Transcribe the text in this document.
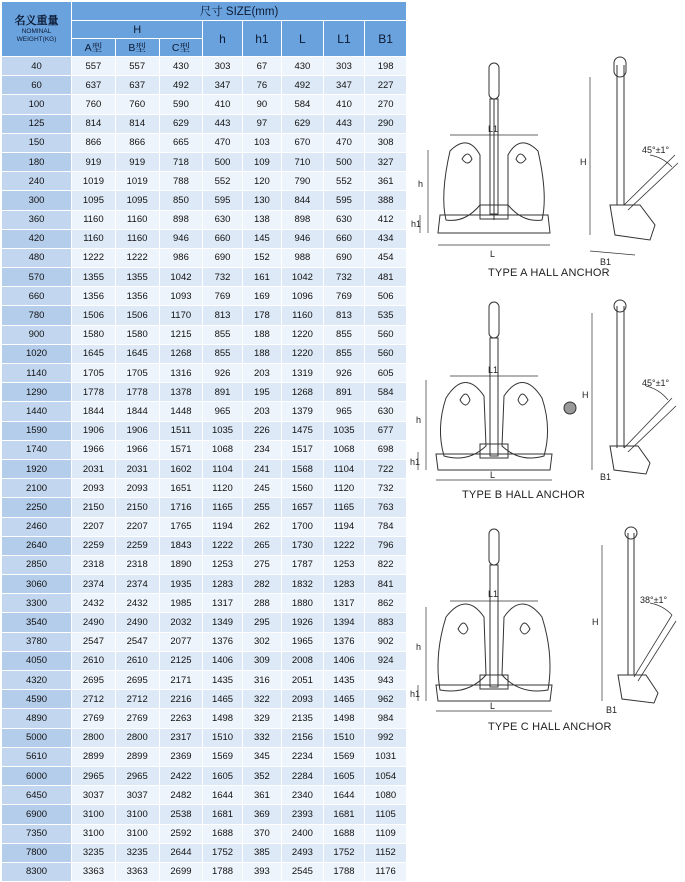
名义重量
NOMINAL
WEIGHT(KG)	尺寸 SIZE(mm)							
	H			h	h1	L	L1	B1
	A型	B型	C型					
40	557	557	430	303	67	430	303	198
60	637	637	492	347	76	492	347	227
100	760	760	590	410	90	584	410	270
125	814	814	629	443	97	629	443	290
150	866	866	665	470	103	670	470	308
180	919	919	718	500	109	710	500	327
240	1019	1019	788	552	120	790	552	361
300	1095	1095	850	595	130	844	595	388
360	1160	1160	898	630	138	898	630	412
420	1160	1160	946	660	145	946	660	434
480	1222	1222	986	690	152	988	690	454
570	1355	1355	1042	732	161	1042	732	481
660	1356	1356	1093	769	169	1096	769	506
780	1506	1506	1170	813	178	1160	813	535
900	1580	1580	1215	855	188	1220	855	560
1020	1645	1645	1268	855	188	1220	855	560
1140	1705	1705	1316	926	203	1319	926	605
1290	1778	1778	1378	891	195	1268	891	584
1440	1844	1844	1448	965	203	1379	965	630
1590	1906	1906	1511	1035	226	1475	1035	677
1740	1966	1966	1571	1068	234	1517	1068	698
1920	2031	2031	1602	1104	241	1568	1104	722
2100	2093	2093	1651	1120	245	1560	1120	732
2250	2150	2150	1716	1165	255	1657	1165	763
2460	2207	2207	1765	1194	262	1700	1194	784
2640	2259	2259	1843	1222	265	1730	1222	796
2850	2318	2318	1890	1253	275	1787	1253	822
3060	2374	2374	1935	1283	282	1832	1283	841
3300	2432	2432	1985	1317	288	1880	1317	862
3540	2490	2490	2032	1349	295	1926	1394	883
3780	2547	2547	2077	1376	302	1965	1376	902
4050	2610	2610	2125	1406	309	2008	1406	924
4320	2695	2695	2171	1435	316	2051	1435	943
4590	2712	2712	2216	1465	322	2093	1465	962
4890	2769	2769	2263	1498	329	2135	1498	984
5000	2800	2800	2317	1510	332	2156	1510	992
5610	2899	2899	2369	1569	345	2234	1569	1031
6000	2965	2965	2422	1605	352	2284	1605	1054
6450	3037	3037	2482	1644	361	2340	1644	1080
6900	3100	3100	2538	1681	369	2393	1681	1105
7350	3100	3100	2592	1688	370	2400	1688	1109
7800	3235	3235	2644	1752	385	2493	1752	1152
8300	3363	3363	2699	1788	393	2545	1788	1176
L1
H
h
h1
L
B1
45°±1°
TYPE A HALL ANCHOR
L1
H
h
h1
L	B1
45°±1°
TYPE B HALL ANCHOR
L1
H
h
h1
L	B1
38°±1°
TYPE C HALL ANCHOR
